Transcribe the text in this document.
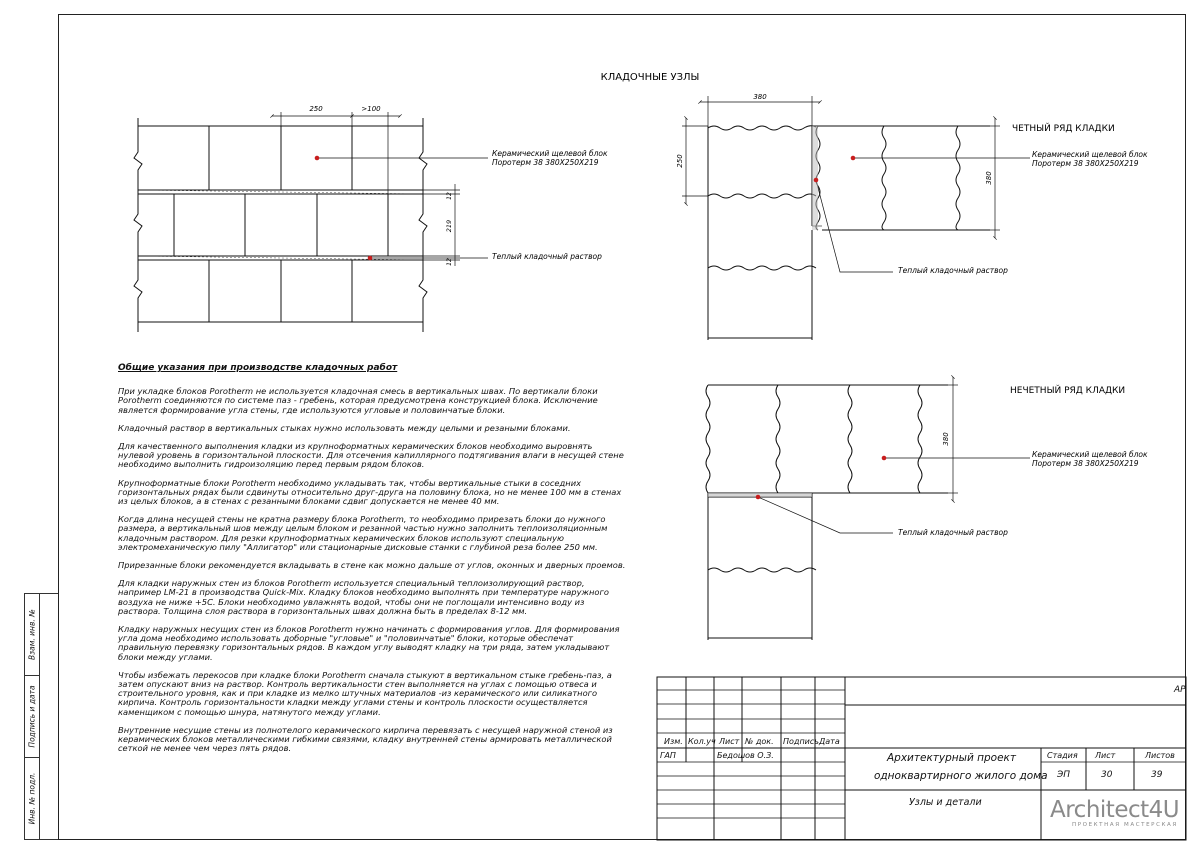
Взам. инв. №
Подпись и дата
Инв. № подл.
КЛАДОЧНЫЕ УЗЛЫ
250	>100
12
219
12
Керамический щелевой блок
Поротерм 38 380Х250Х219
Теплый кладочный раствор
ЧЕТНЫЙ РЯД КЛАДКИ
380
250
380
Керамический щелевой блок
Поротерм 38 380Х250Х219
Теплый кладочный раствор
НЕЧЕТНЫЙ РЯД КЛАДКИ
380
Керамический щелевой блок
Поротерм 38 380Х250Х219
Теплый кладочный раствор
Общие указания при производстве кладочных работ

При укладке блоков Porotherm не используется кладочная смесь в вертикальных швах. По вертикали блоки Porotherm соединяются по системе паз - гребень, которая предусмотрена конструкцией блока. Исключение является формирование угла стены, где используются угловые и половинчатые блоки.

Кладочный раствор в вертикальных стыках нужно использовать между целыми и резаными блоками.

Для качественного выполнения кладки из крупноформатных керамических блоков необходимо выровнять нулевой уровень в горизонтальной плоскости. Для отсечения капиллярного подтягивания влаги в несущей стене необходимо выполнить гидроизоляцию перед первым рядом блоков.

Крупноформатные блоки Porotherm необходимо укладывать так, чтобы вертикальные стыки в соседних горизонтальных рядах были сдвинуты относительно друг-друга на половину блока, но не менее 100 мм в стенах из целых блоков, а в стенах с резанными блоками сдвиг допускается не менее 40 мм.

Когда длина несущей стены не кратна размеру блока Porotherm, то необходимо прирезать блоки до нужного размера, а вертикальный шов между целым блоком и резанной частью нужно заполнить теплоизоляционным кладочным раствором. Для резки крупноформатных керамических блоков используют специальную электромеханическую пилу "Аллигатор" или стационарные дисковые станки с глубиной реза более 250 мм.

Прирезанные блоки рекомендуется вкладывать в стене как можно дальше от углов, оконных и дверных проемов.

Для кладки наружных стен из блоков Porotherm используется специальный теплоизолирующий раствор, например LM-21 в производства Quick-Mix. Кладку блоков необходимо выполнять при температуре наружного воздуха не ниже +5С. Блоки необходимо увлажнять водой, чтобы они не поглощали интенсивно воду из раствора. Толщина слоя раствора в горизонтальных швах должна быть в пределах 8-12 мм.

Кладку наружных несущих стен из блоков Porotherm нужно начинать с формирования углов. Для формирования угла дома необходимо использовать доборные "угловые" и "половинчатые" блоки, которые обеспечат правильную перевязку горизонтальных рядов. В каждом углу выводят кладку на три ряда, затем укладывают блоки между углами.

Чтобы избежать перекосов при кладке блоки Porotherm сначала стыкуют в вертикальном стыке гребень-паз, а затем опускают вниз на раствор. Контроль вертикальности стен выполняется на углах с помощью отвеса и строительного уровня, как и при кладке из мелко штучных материалов -из керамического или силикатного кирпича. Контроль горизонтальности кладки между углами стены и контроль плоскости осуществляется каменщиком с помощью шнура, натянутого между углами.

Внутренние несущие стены из полнотелого керамического кирпича перевязать с несущей наружной стеной из керамических блоков металлическими гибкими связями, кладку внутренней стены армировать металлической сеткой не менее чем через пять рядов.

АР
Изм. Кол.уч Лист № док. Подпись Дата
ГАП	Бедошов О.З.	Архитектурный проект
одноквартирного жилого дома
Стадия Лист	Листов
ЭП	30	39
Узлы и детали	Architect4U
ПРОЕКТНАЯ МАСТЕРСКАЯ
